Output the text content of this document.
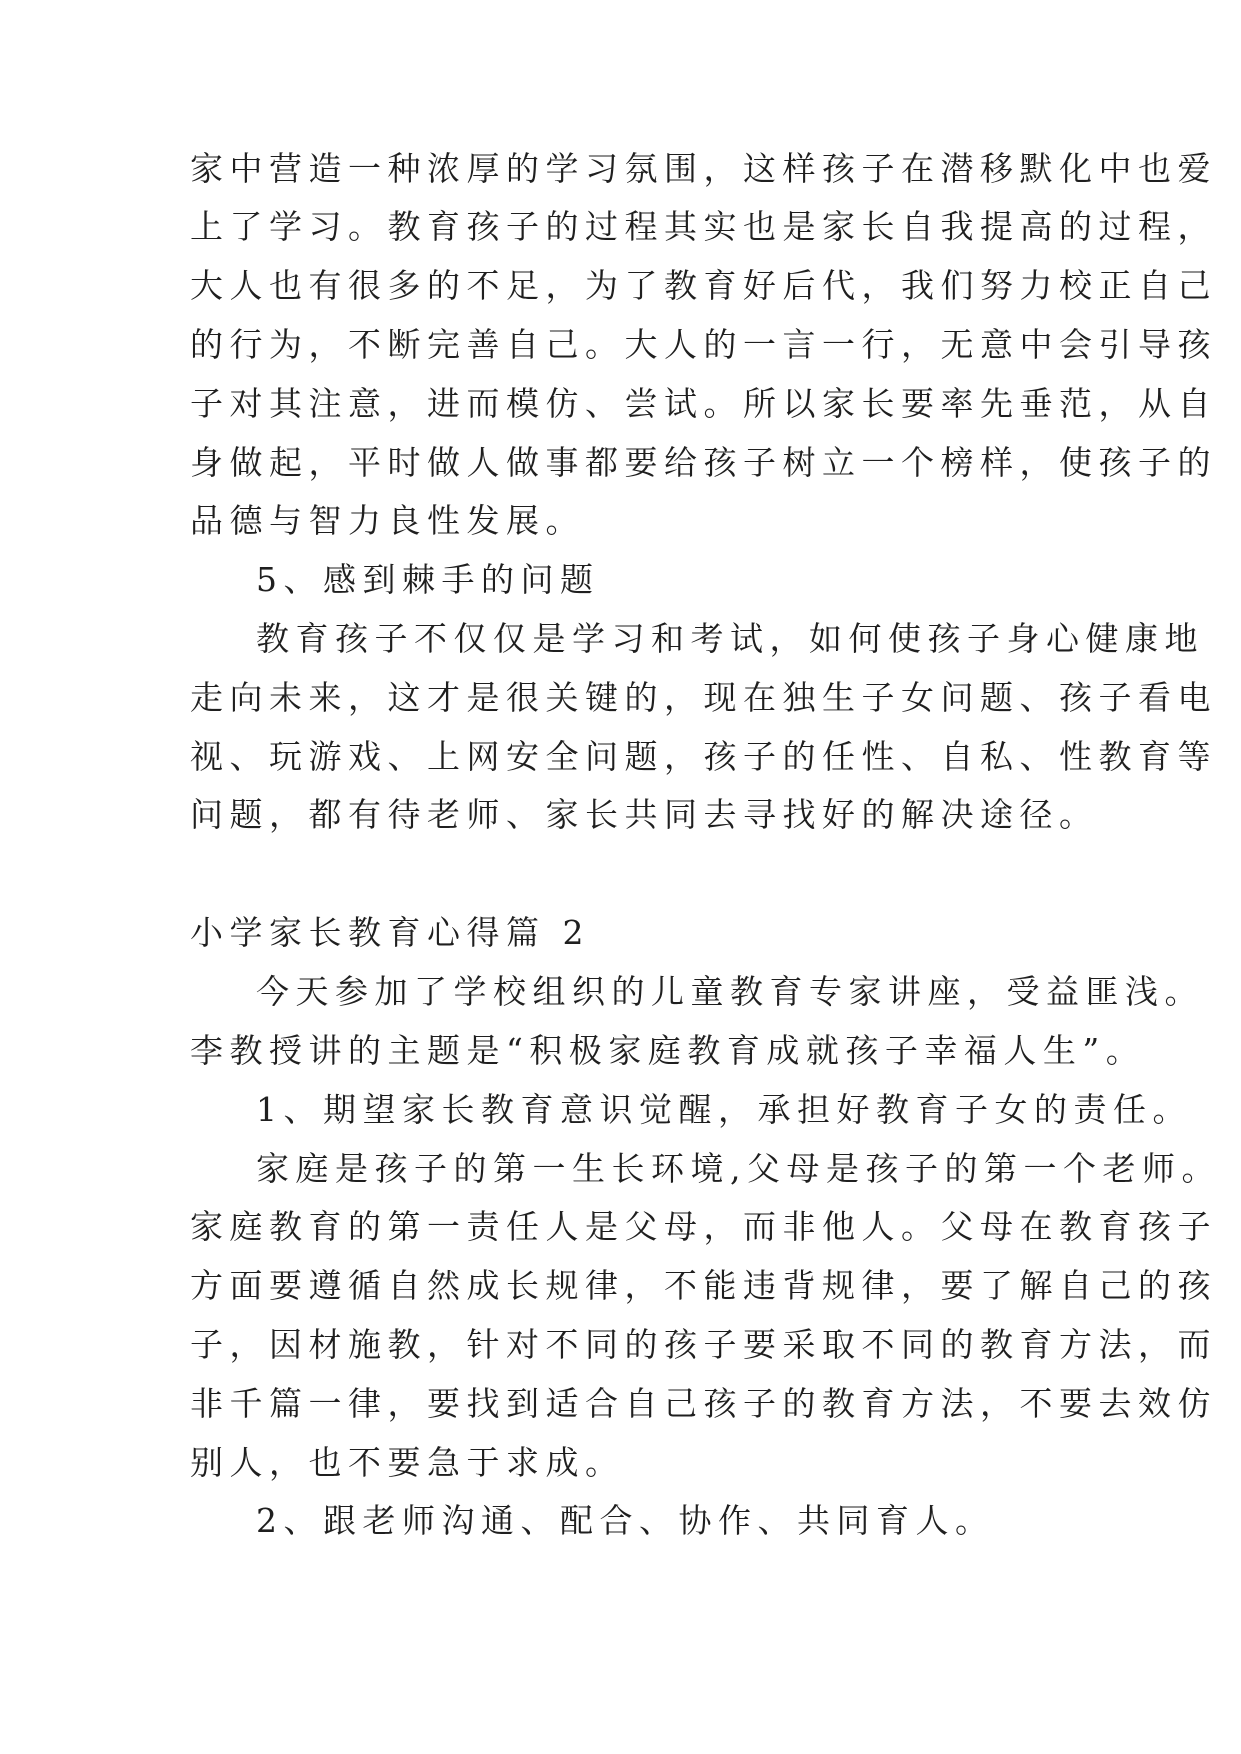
家中营造一种浓厚的学习氛围，这样孩子在潜移默化中也爱
上了学习。教育孩子的过程其实也是家长自我提高的过程，
大人也有很多的不足，为了教育好后代，我们努力校正自己
的行为，不断完善自己。大人的一言一行，无意中会引导孩
子对其注意，进而模仿、尝试。所以家长要率先垂范，从自
身做起，平时做人做事都要给孩子树立一个榜样，使孩子的
品德与智力良性发展。
5、感到棘手的问题
教育孩子不仅仅是学习和考试，如何使孩子身心健康地
走向未来，这才是很关键的，现在独生子女问题、孩子看电
视、玩游戏、上网安全问题，孩子的任性、自私、性教育等
问题，都有待老师、家长共同去寻找好的解决途径。
小学家长教育心得篇 2
今天参加了学校组织的儿童教育专家讲座，受益匪浅。
李教授讲的主题是“积极家庭教育成就孩子幸福人生”。
1、期望家长教育意识觉醒，承担好教育子女的责任。
家庭是孩子的第一生长环境,父母是孩子的第一个老师。
家庭教育的第一责任人是父母，而非他人。父母在教育孩子
方面要遵循自然成长规律，不能违背规律，要了解自己的孩
子，因材施教，针对不同的孩子要采取不同的教育方法，而
非千篇一律，要找到适合自己孩子的教育方法，不要去效仿
别人，也不要急于求成。
2、跟老师沟通、配合、协作、共同育人。
